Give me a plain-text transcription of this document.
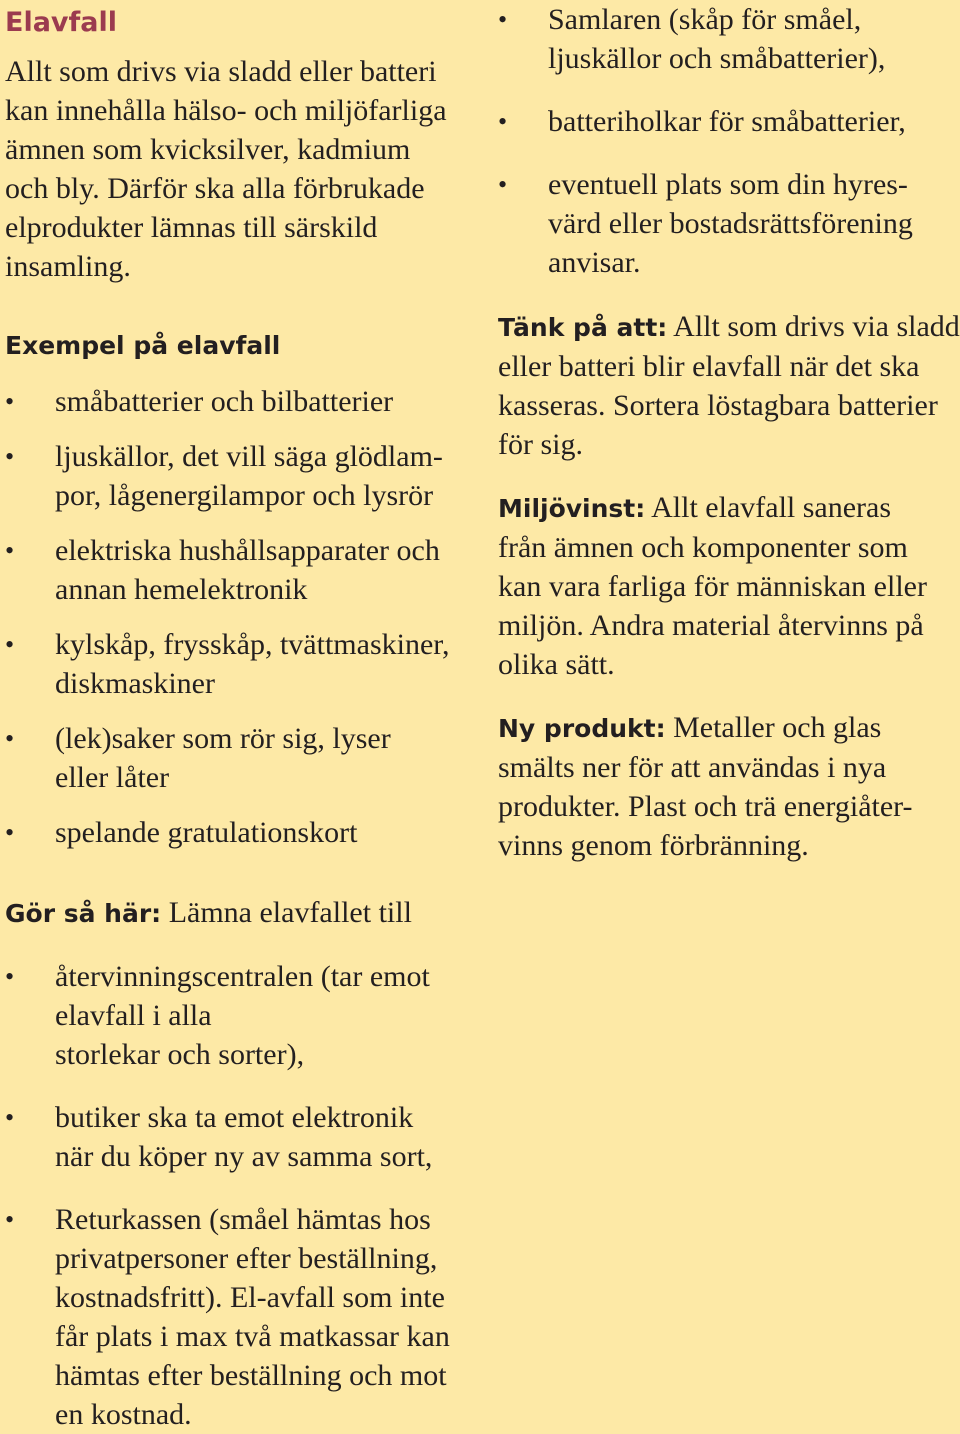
Elavfall

Allt som drivs via sladd eller batteri

kan innehålla hälso- och miljöfarliga

ämnen som kvicksilver, kadmium

och bly. Därför ska alla förbrukade

elprodukter lämnas till särskild

insamling.

Exempel på elavfall
• småbatterier och bilbatterier
• ljuskällor, det vill säga glödlam-
por, lågenergilampor och lysrör
• elektriska hushållsapparater och
annan hemelektronik
• kylskåp, frysskåp, tvättmaskiner,
diskmaskiner
• (lek)saker som rör sig, lyser
eller låter
• spelande gratulationskort
Gör så här: Lämna elavfallet till
• återvinningscentralen (tar emot
elavfall i alla
storlekar och sorter),
• butiker ska ta emot elektronik
när du köper ny av samma sort,
• Returkassen (småel hämtas hos
privatpersoner efter beställning,
kostnadsfritt). El-avfall som inte
får plats i max två matkassar kan
hämtas efter beställning och mot
en kostnad.
• Samlaren (skåp för småel,
ljuskällor och småbatterier),
• batteriholkar för småbatterier,
• eventuell plats som din hyres-
värd eller bostadsrättsförening
anvisar.

Tänk på att: Allt som drivs via sladd

eller batteri blir elavfall när det ska

kasseras. Sortera löstagbara batterier

för sig.

Miljövinst: Allt elavfall saneras

från ämnen och komponenter som

kan vara farliga för människan eller

miljön. Andra material återvinns på

olika sätt.

Ny produkt: Metaller och glas

smälts ner för att användas i nya

produkter. Plast och trä energiåter-

vinns genom förbränning.
